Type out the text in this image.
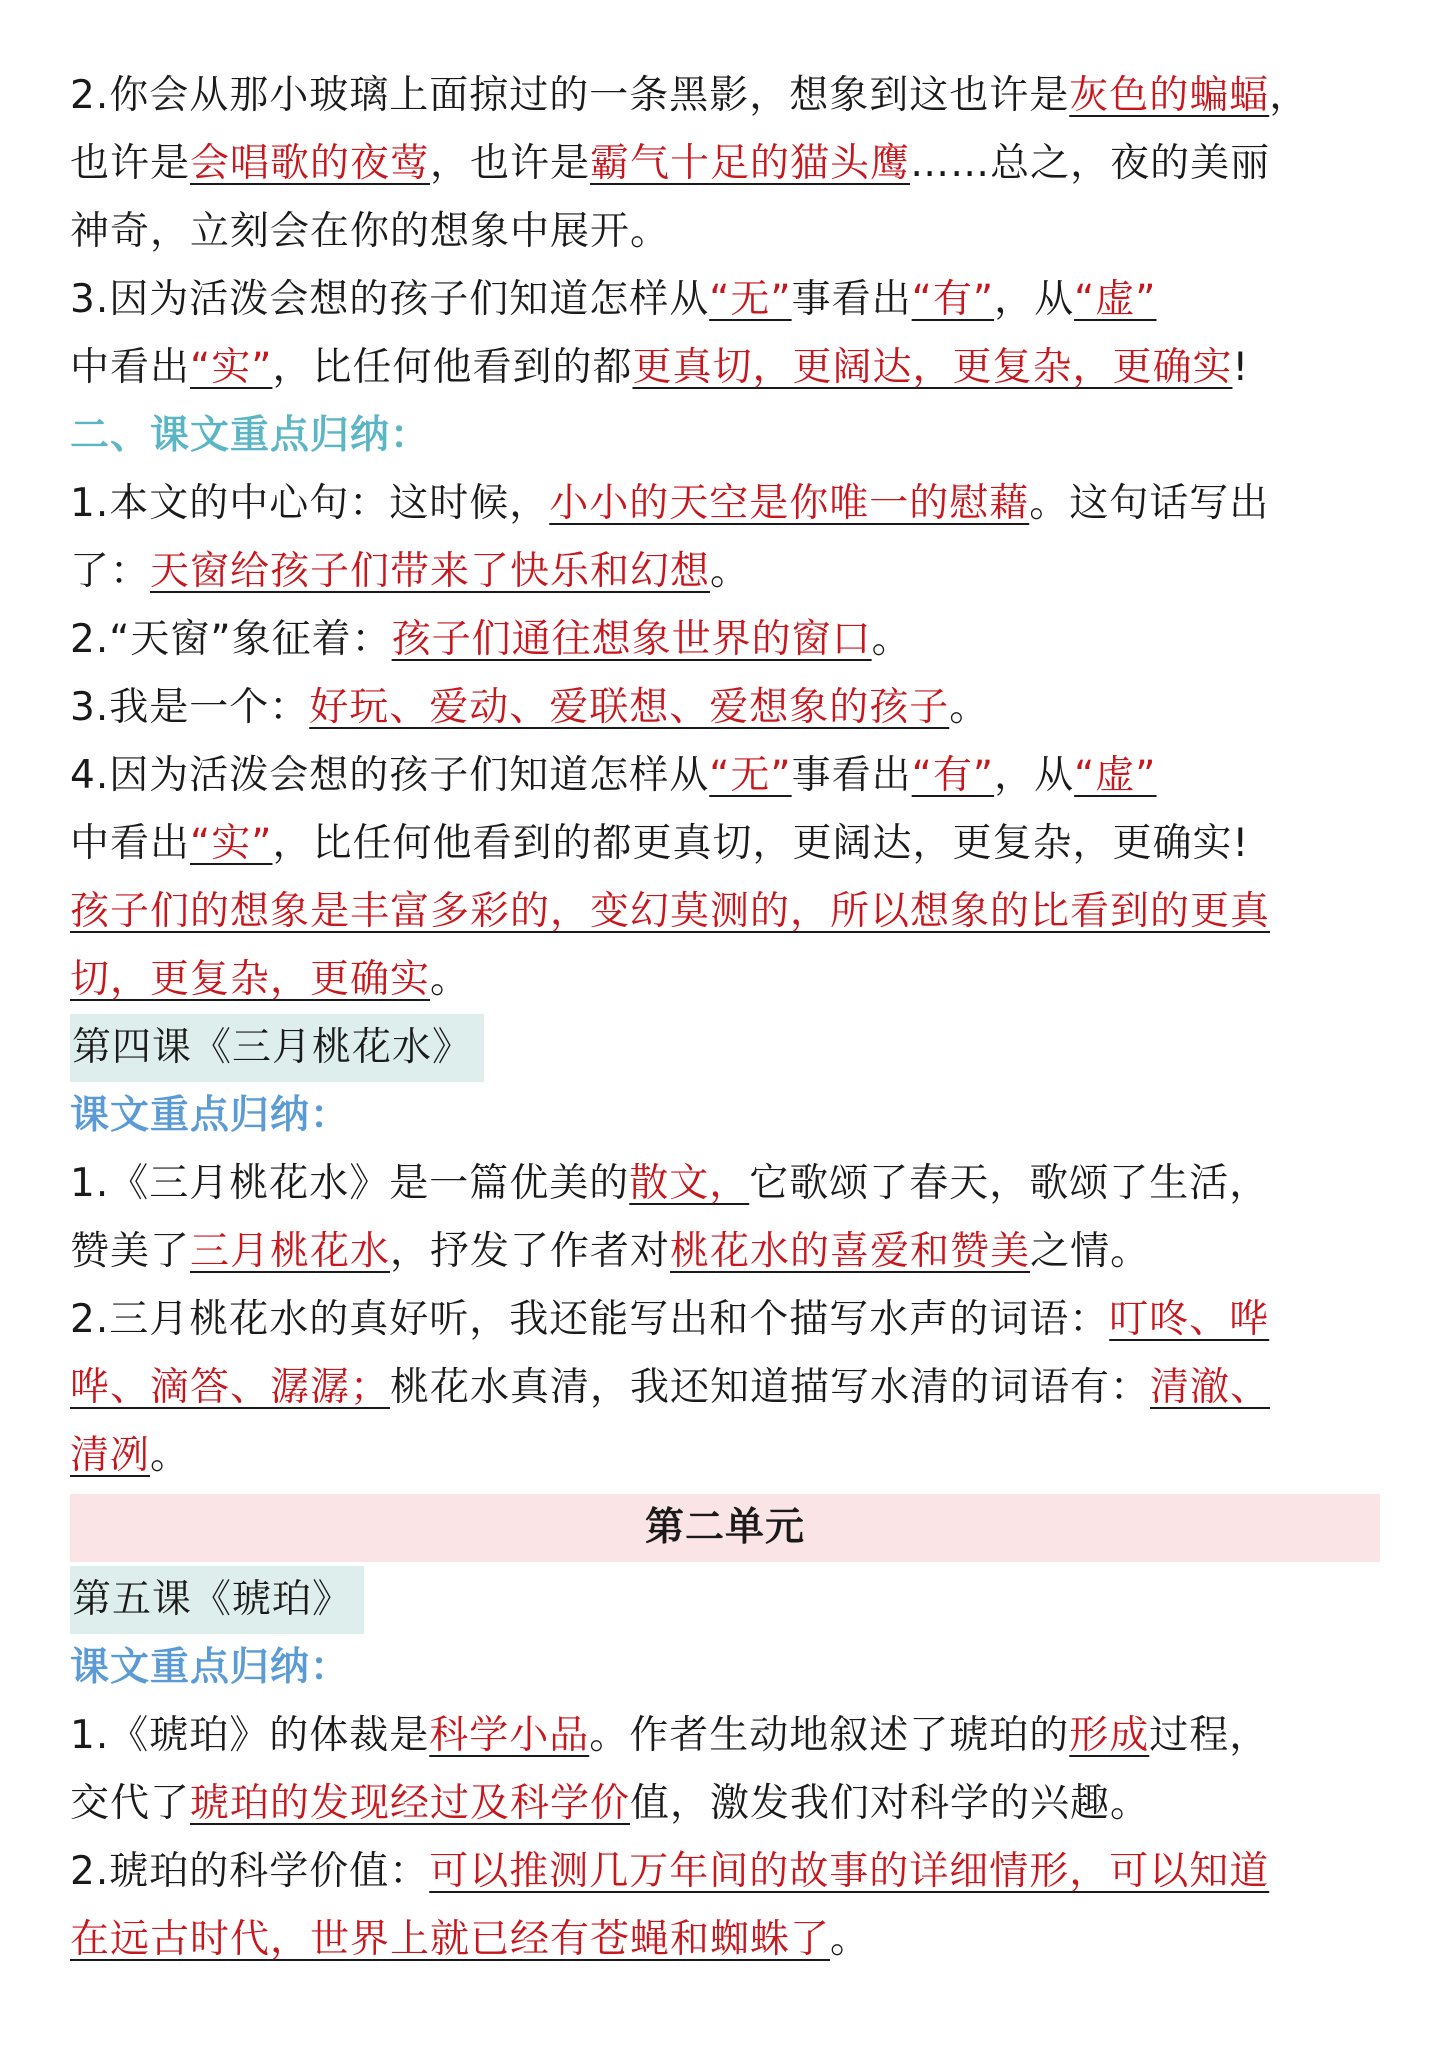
2.你会从那小玻璃上面掠过的一条黑影，想象到这也许是灰色的蝙蝠，
也许是会唱歌的夜莺，也许是霸气十足的猫头鹰……总之，夜的美丽
神奇，立刻会在你的想象中展开。
3.因为活泼会想的孩子们知道怎样从“无”事看出“有”，从“虚”
中看出“实”，比任何他看到的都更真切，更阔达，更复杂，更确实!
二、课文重点归纳：
1.本文的中心句：这时候，小小的天空是你唯一的慰藉。这句话写出
了：天窗给孩子们带来了快乐和幻想。
2.“天窗”象征着：孩子们通往想象世界的窗口。
3.我是一个：好玩、爱动、爱联想、爱想象的孩子。
4.因为活泼会想的孩子们知道怎样从“无”事看出“有”，从“虚”
中看出“实”，比任何他看到的都更真切，更阔达，更复杂，更确实!
孩子们的想象是丰富多彩的，变幻莫测的，所以想象的比看到的更真
切，更复杂，更确实。
第四课《三月桃花水》
课文重点归纳：
1.《三月桃花水》是一篇优美的散文，它歌颂了春天，歌颂了生活，
赞美了三月桃花水，抒发了作者对桃花水的喜爱和赞美之情。
2.三月桃花水的真好听，我还能写出和个描写水声的词语：叮咚、哗
哗、滴答、潺潺；桃花水真清，我还知道描写水清的词语有：清澈、
清冽。
第二单元
第五课《琥珀》
课文重点归纳：
1.《琥珀》的体裁是科学小品。作者生动地叙述了琥珀的形成过程，
交代了琥珀的发现经过及科学价值，激发我们对科学的兴趣。
2.琥珀的科学价值：可以推测几万年间的故事的详细情形，可以知道
在远古时代，世界上就已经有苍蝇和蜘蛛了。
